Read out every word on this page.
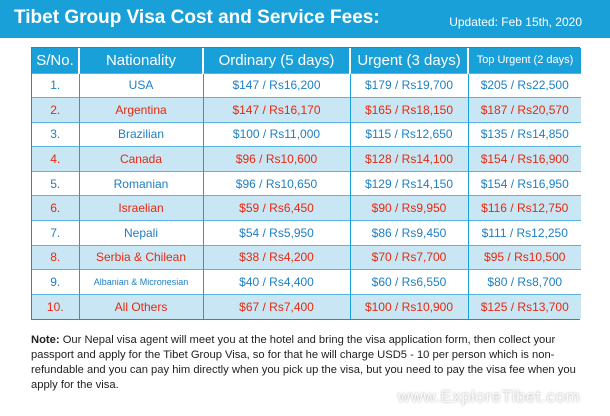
Tibet Group Visa Cost and Service Fees:	Updated: Feb 15th, 2020
S/No.	Nationality	Ordinary (5 days)	Urgent (3 days)	Top Urgent (2 days)
1.	USA	$147 / Rs16,200	$179 / Rs19,700	$205 / Rs22,500
2.	Argentina	$147 / Rs16,170	$165 / Rs18,150	$187 / Rs20,570
3.	Brazilian	$100 / Rs11,000	$115 / Rs12,650	$135 / Rs14,850
4.	Canada	$96 / Rs10,600	$128 / Rs14,100	$154 / Rs16,900
5.	Romanian	$96 / Rs10,650	$129 / Rs14,150	$154 / Rs16,950
6.	Israelian	$59 / Rs6,450	$90 / Rs9,950	$116 / Rs12,750
7.	Nepali	$54 / Rs5,950	$86 / Rs9,450	$111 / Rs12,250
8.	Serbia & Chilean	$38 / Rs4,200	$70 / Rs7,700	$95 / Rs10,500
9.	Albanian & Micronesian	$40 / Rs4,400	$60 / Rs6,550	$80 / Rs8,700
10.	All Others	$67 / Rs7,400	$100 / Rs10,900	$125 / Rs13,700
Note: Our Nepal visa agent will meet you at the hotel and bring the visa application form, then collect your passport and apply for the Tibet Group Visa, so for that he will charge USD5 - 10 per person which is non-refundable and you can pay him directly when you pick up the visa, but you need to pay the visa fee when you apply for the visa.
www.ExploreTibet.com
